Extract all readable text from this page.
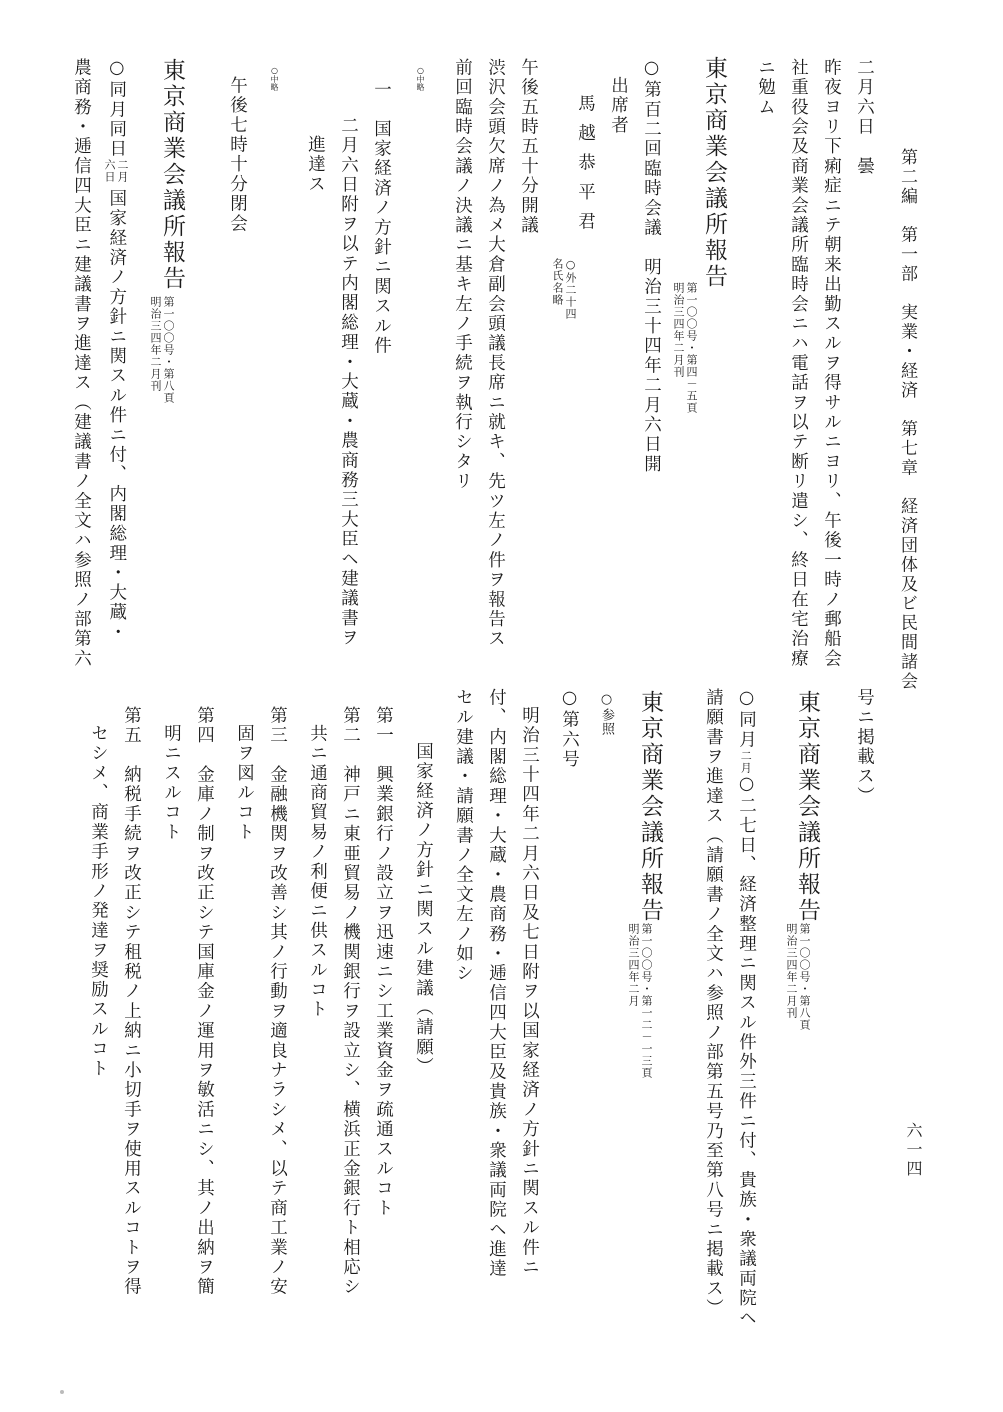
第二編　第一部　実業・経済　第七章　経済団体及ビ民間諸会
六一四
二月六日　曇
昨夜ヨリ下痢症ニテ朝来出勤スルヲ得サルニヨリ、午後一時ノ郵船会
社重役会及商業会議所臨時会ニハ電話ヲ以テ断リ遣シ、終日在宅治療
ニ勉ム
東京商業会議所報告
第一〇〇号・第四－五頁
明治三四年二月刊
○第百二回臨時会議　明治三十四年二月六日開
出席者
馬越恭平君
○外二十四
名氏名略
午後五時五十分開議
渋沢会頭欠席ノ為メ大倉副会頭議長席ニ就キ、先ツ左ノ件ヲ報告ス
前回臨時会議ノ決議ニ基キ左ノ手続ヲ執行シタリ
○中略
一　国家経済ノ方針ニ関スル件
二月六日附ヲ以テ内閣総理・大蔵・農商務三大臣ヘ建議書ヲ
進達ス
○中略
午後七時十分閉会
東京商業会議所報告
第一〇〇号・第八頁
明治三四年二月刊
○同月同日
二月
六日
国家経済ノ方針ニ関スル件ニ付、内閣総理・大蔵・
農商務・逓信四大臣ニ建議書ヲ進達ス（建議書ノ全文ハ参照ノ部第六
号ニ掲載ス）
東京商業会議所報告
第一〇〇号・第八頁
明治三四年二月刊
○同月
二月
○二七日、経済整理ニ関スル件外三件ニ付、貴族・衆議両院ヘ
請願書ヲ進達ス（請願書ノ全文ハ参照ノ部第五号乃至第八号ニ掲載ス）
東京商業会議所報告
第一〇〇号・第一二－一三頁
明治三四年二月
○参照
○第六号
明治三十四年二月六日及七日附ヲ以国家経済ノ方針ニ関スル件ニ
付、内閣総理・大蔵・農商務・逓信四大臣及貴族・衆議両院ヘ進達
セル建議・請願書ノ全文左ノ如シ
国家経済ノ方針ニ関スル建議（請願）
第一　興業銀行ノ設立ヲ迅速ニシ工業資金ヲ疏通スルコト
第二　神戸ニ東亜貿易ノ機関銀行ヲ設立シ、横浜正金銀行ト相応シ
共ニ通商貿易ノ利便ニ供スルコト
第三　金融機関ヲ改善シ其ノ行動ヲ適良ナラシメ、以テ商工業ノ安
固ヲ図ルコト
第四　金庫ノ制ヲ改正シテ国庫金ノ運用ヲ敏活ニシ、其ノ出納ヲ簡
明ニスルコト
第五　納税手続ヲ改正シテ租税ノ上納ニ小切手ヲ使用スルコトヲ得
セシメ、商業手形ノ発達ヲ奨励スルコト
